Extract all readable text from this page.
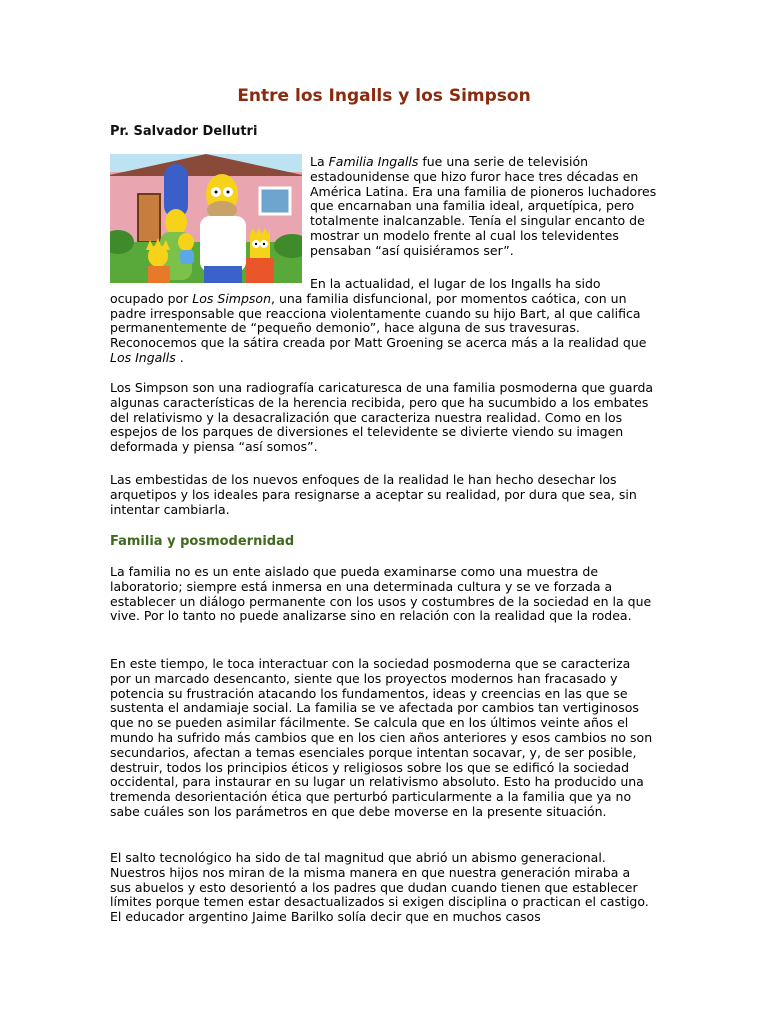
Entre los Ingalls y los Simpson

Pr. Salvador Dellutri

La Familia Ingalls fue una serie de televisión estadounidense que hizo furor hace tres décadas en América Latina. Era una familia de pioneros luchadores que encarnaban una familia ideal, arquetípica, pero totalmente inalcanzable. Tenía el singular encanto de mostrar un modelo frente al cual los televidentes pensaban “así quisiéramos ser”.

En la actualidad, el lugar de los Ingalls ha sido ocupado por Los Simpson, una familia disfuncional, por momentos caótica, con un padre irresponsable que reacciona violentamente cuando su hijo Bart, al que califica permanentemente de “pequeño demonio”, hace alguna de sus travesuras. Reconocemos que la sátira creada por Matt Groening se acerca más a la realidad que Los Ingalls .

Los Simpson son una radiografía caricaturesca de una familia posmoderna que guarda algunas características de la herencia recibida, pero que ha sucumbido a los embates del relativismo y la desacralización que caracteriza nuestra realidad. Como en los espejos de los parques de diversiones el televidente se divierte viendo su imagen deformada y piensa “así somos”.

Las embestidas de los nuevos enfoques de la realidad le han hecho desechar los arquetipos y los ideales para resignarse a aceptar su realidad, por dura que sea, sin intentar cambiarla.

Familia y posmodernidad

La familia no es un ente aislado que pueda examinarse como una muestra de laboratorio; siempre está inmersa en una determinada cultura y se ve forzada a establecer un diálogo permanente con los usos y costumbres de la sociedad en la que vive. Por lo tanto no puede analizarse sino en relación con la realidad que la rodea.

En este tiempo, le toca interactuar con la sociedad posmoderna que se caracteriza por un marcado desencanto, siente que los proyectos modernos han fracasado y potencia su frustración atacando los fundamentos, ideas y creencias en las que se sustenta el andamiaje social. La familia se ve afectada por cambios tan vertiginosos que no se pueden asimilar fácilmente. Se calcula que en los últimos veinte años el mundo ha sufrido más cambios que en los cien años anteriores y esos cambios no son secundarios, afectan a temas esenciales porque intentan socavar, y, de ser posible, destruir, todos los principios éticos y religiosos sobre los que se edificó la sociedad occidental, para instaurar en su lugar un relativismo absoluto. Esto ha producido una tremenda desorientación ética que perturbó particularmente a la familia que ya no sabe cuáles son los parámetros en que debe moverse en la presente situación.

El salto tecnológico ha sido de tal magnitud que abrió un abismo generacional. Nuestros hijos nos miran de la misma manera en que nuestra generación miraba a sus abuelos y esto desorientó a los padres que dudan cuando tienen que establecer límites porque temen estar desactualizados si exigen disciplina o practican el castigo. El educador argentino Jaime Barilko solía decir que en muchos casos
